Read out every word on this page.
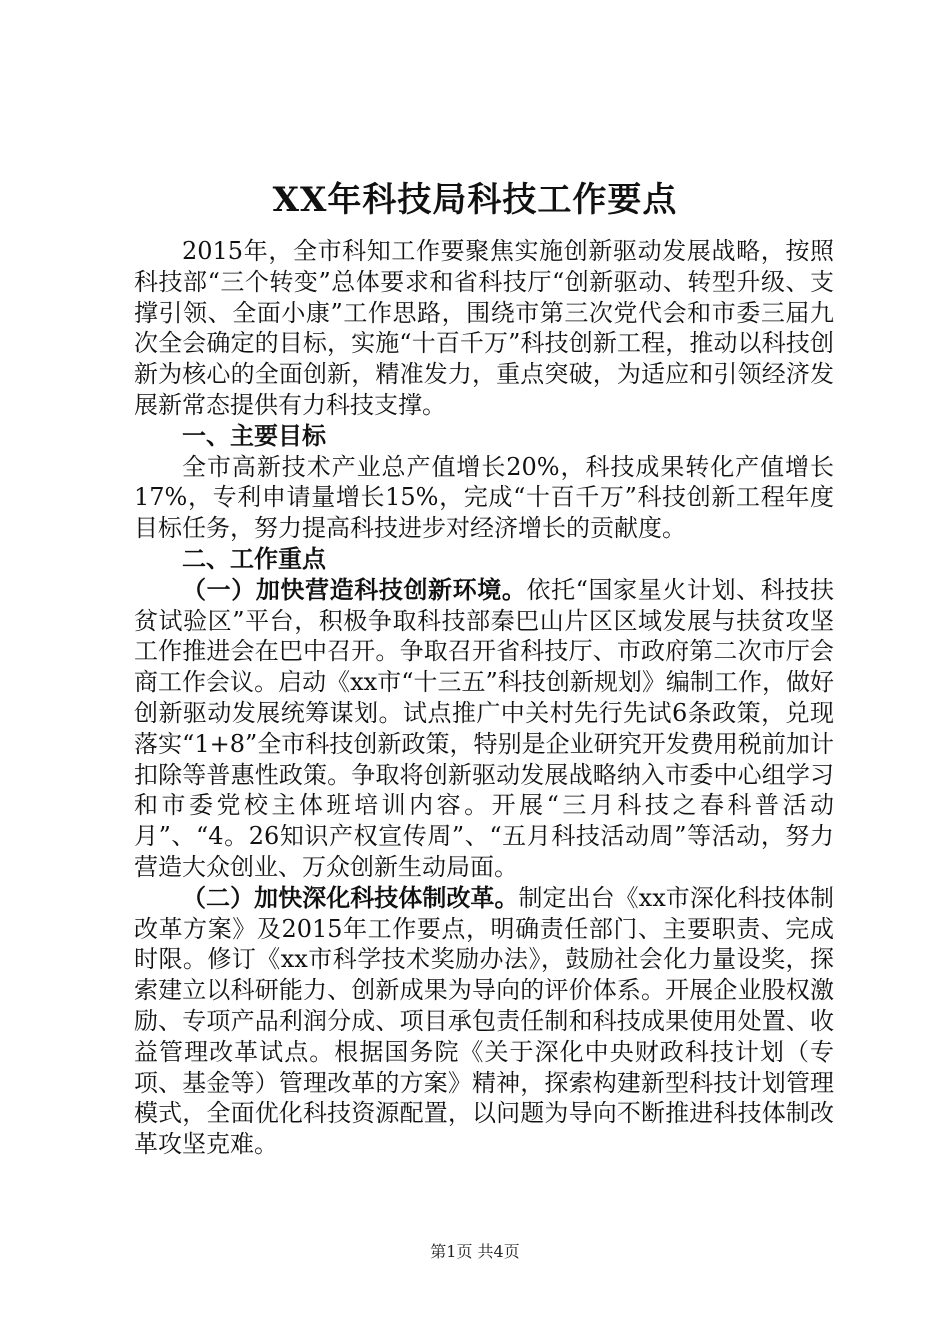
XX年科技局科技工作要点

2015年，全市科知工作要聚焦实施创新驱动发展战略，按照科技部“三个转变”总体要求和省科技厅“创新驱动、转型升级、支撑引领、全面小康”工作思路，围绕市第三次党代会和市委三届九次全会确定的目标，实施“十百千万”科技创新工程，推动以科技创新为核心的全面创新，精准发力，重点突破，为适应和引领经济发展新常态提供有力科技支撑。

一、主要目标

全市高新技术产业总产值增长20%，科技成果转化产值增长17%，专利申请量增长15%，完成“十百千万”科技创新工程年度目标任务，努力提高科技进步对经济增长的贡献度。

二、工作重点

（一）加快营造科技创新环境。依托“国家星火计划、科技扶贫试验区”平台，积极争取科技部秦巴山片区区域发展与扶贫攻坚工作推进会在巴中召开。争取召开省科技厅、市政府第二次市厅会商工作会议。启动《xx市“十三五”科技创新规划》编制工作，做好创新驱动发展统筹谋划。试点推广中关村先行先试6条政策，兑现落实“1+8”全市科技创新政策，特别是企业研究开发费用税前加计扣除等普惠性政策。争取将创新驱动发展战略纳入市委中心组学习和市委党校主体班培训内容。开展“三月科技之春科普活动月”、“4。26知识产权宣传周”、“五月科技活动周”等活动，努力营造大众创业、万众创新生动局面。

（二）加快深化科技体制改革。制定出台《xx市深化科技体制改革方案》及2015年工作要点，明确责任部门、主要职责、完成时限。修订《xx市科学技术奖励办法》，鼓励社会化力量设奖，探索建立以科研能力、创新成果为导向的评价体系。开展企业股权激励、专项产品利润分成、项目承包责任制和科技成果使用处置、收益管理改革试点。根据国务院《关于深化中央财政科技计划（专项、基金等）管理改革的方案》精神，探索构建新型科技计划管理模式，全面优化科技资源配置，以问题为导向不断推进科技体制改革攻坚克难。

第1页 共4页
